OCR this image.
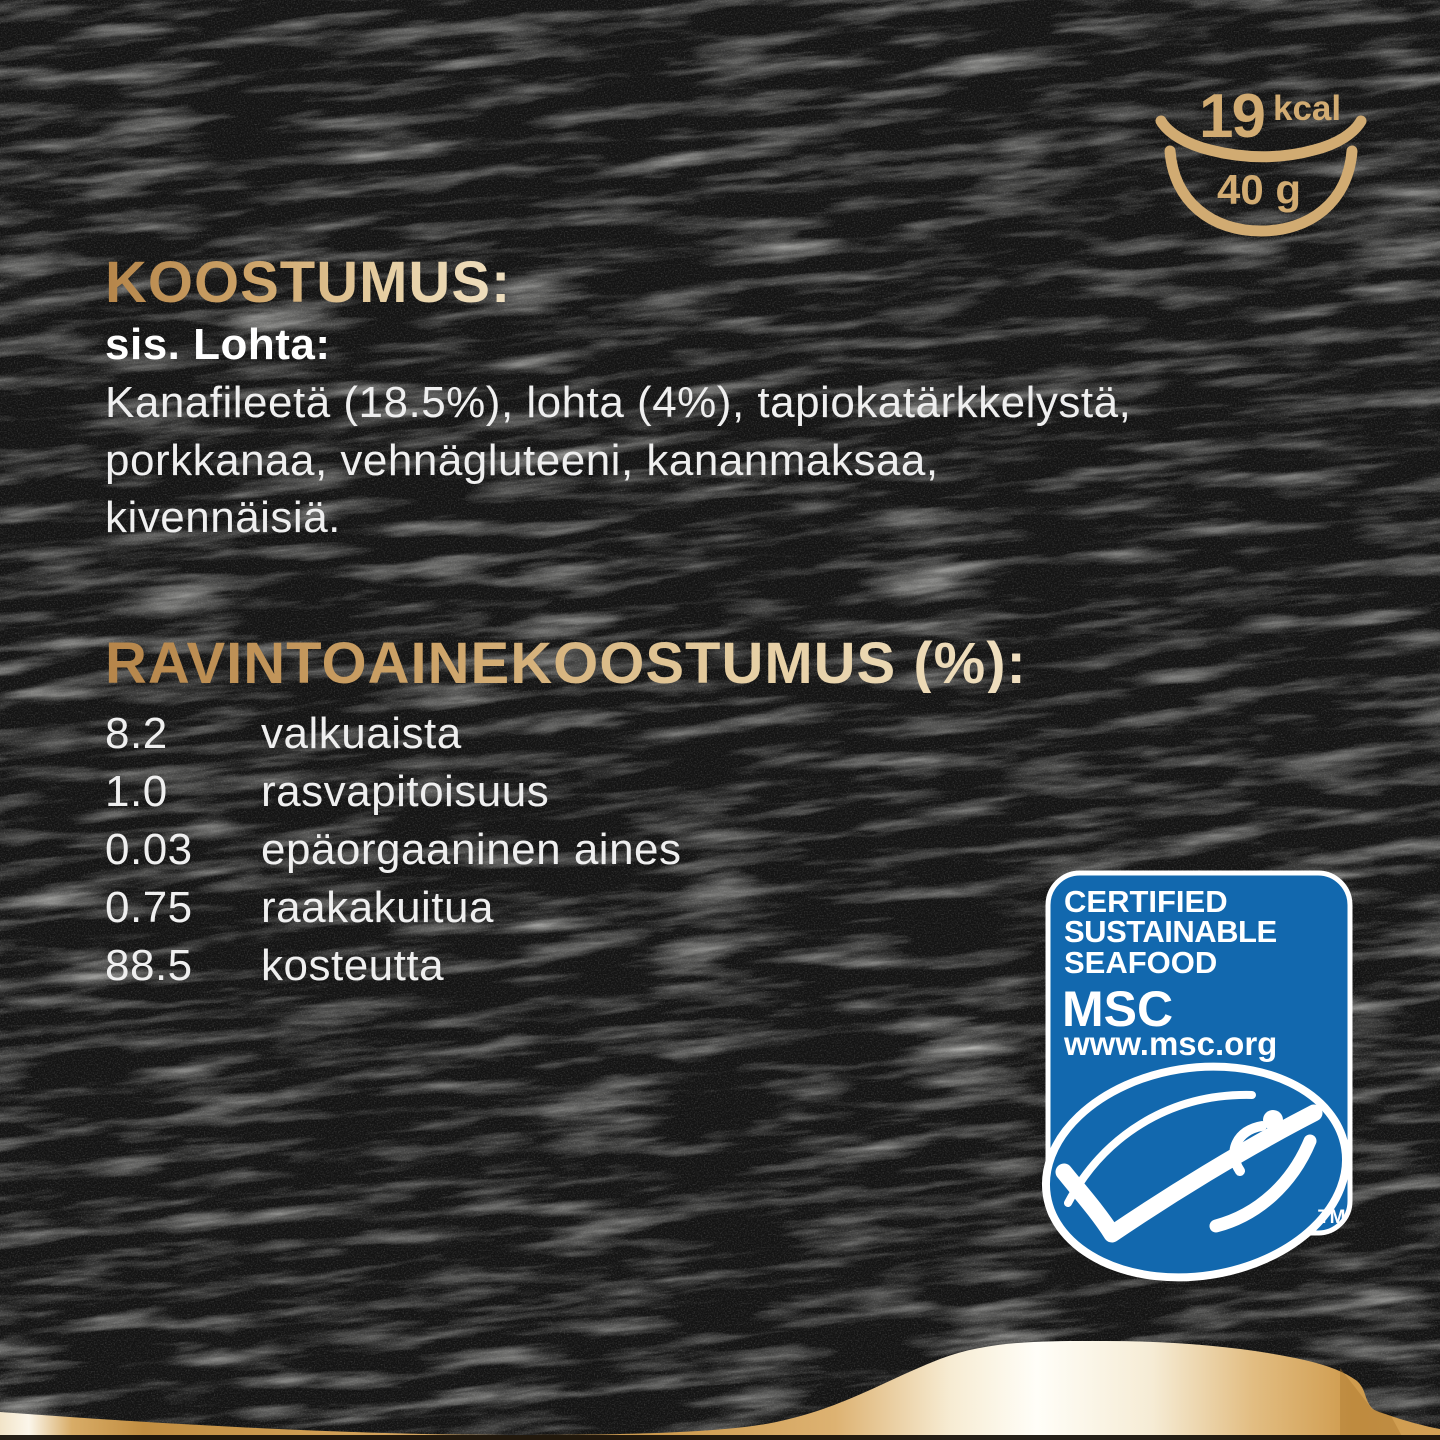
19 kcal
40 g
KOOSTUMUS:
sis. Lohta:
Kanafileetä (18.5%), lohta (4%), tapiokatärkkelystä,
porkkanaa, vehnägluteeni, kananmaksaa,
kivennäisiä.
RAVINTOAINEKOOSTUMUS (%):
8.2	valkuaista
1.0	rasvapitoisuus
0.03	epäorgaaninen aines
0.75	raakakuitua
88.5	kosteutta
CERTIFIED
SUSTAINABLE
SEAFOOD
MSC
www.msc.org
TM
